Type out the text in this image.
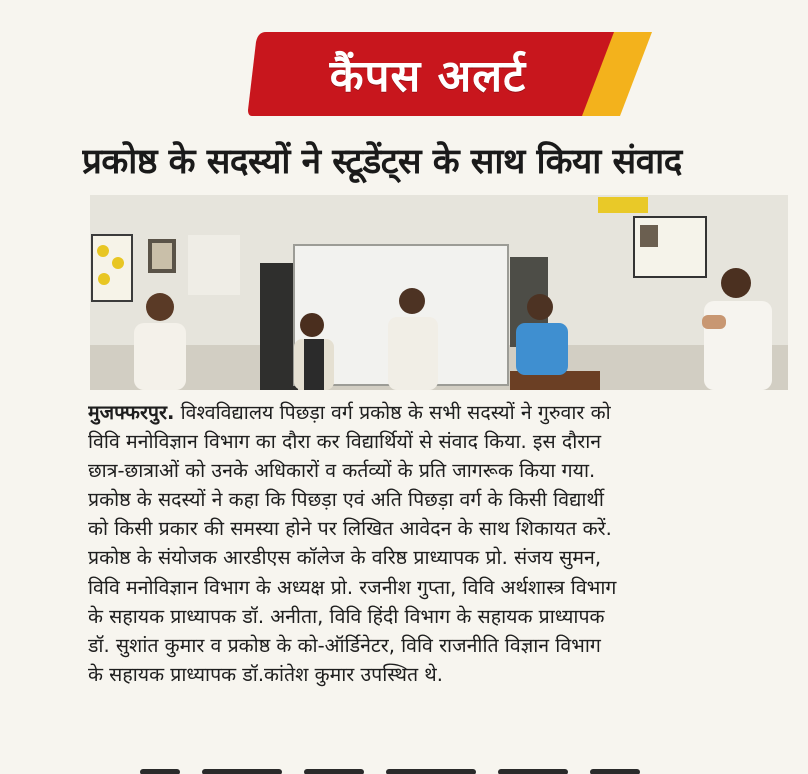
कैंपस अलर्ट
प्रकोष्ठ के सदस्यों ने स्टूडेंट्स के साथ किया संवाद
मुजफ्फरपुर. विश्वविद्यालय पिछड़ा वर्ग प्रकोष्ठ के सभी सदस्यों ने गुरुवार को
विवि मनोविज्ञान विभाग का दौरा कर विद्यार्थियों से संवाद किया. इस दौरान
छात्र-छात्राओं को उनके अधिकारों व कर्तव्यों के प्रति जागरूक किया गया.
प्रकोष्ठ के सदस्यों ने कहा कि पिछड़ा एवं अति पिछड़ा वर्ग के किसी विद्यार्थी
को किसी प्रकार की समस्या होने पर लिखित आवेदन के साथ शिकायत करें.
प्रकोष्ठ के संयोजक आरडीएस कॉलेज के वरिष्ठ प्राध्यापक प्रो. संजय सुमन,
विवि मनोविज्ञान विभाग के अध्यक्ष प्रो. रजनीश गुप्ता, विवि अर्थशास्त्र विभाग
के सहायक प्राध्यापक डॉ. अनीता, विवि हिंदी विभाग के सहायक प्राध्यापक
डॉ. सुशांत कुमार व प्रकोष्ठ के को-ऑर्डिनेटर, विवि राजनीति विज्ञान विभाग
के सहायक प्राध्यापक डॉ.कांतेश कुमार उपस्थित थे.
